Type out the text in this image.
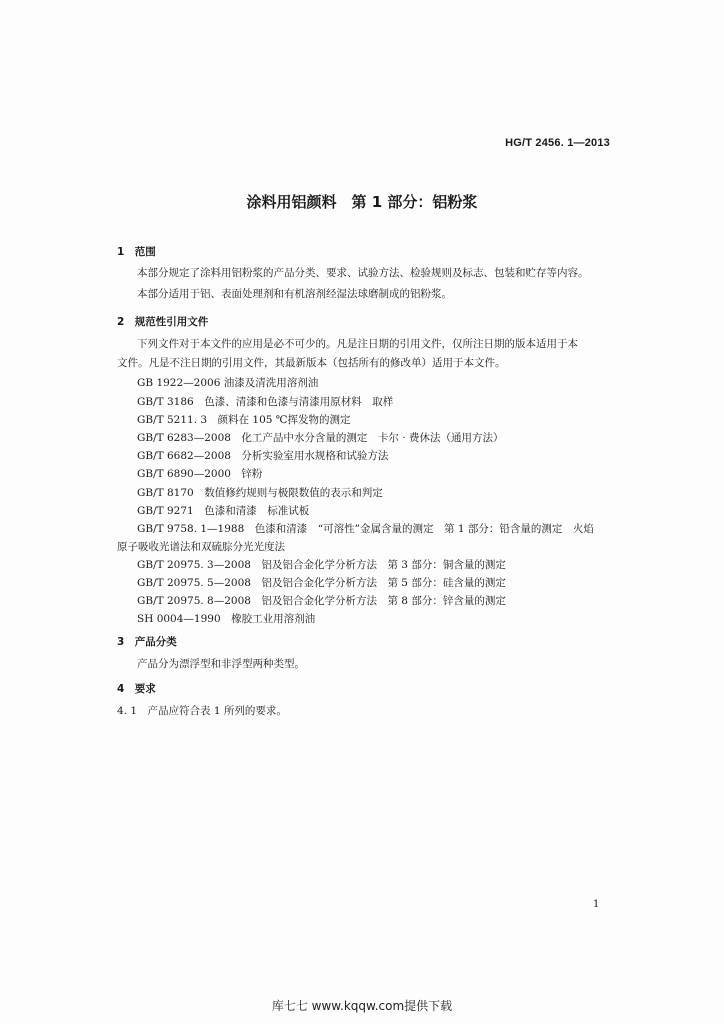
HG/T 2456. 1—2013
涂料用铝颜料　第 1 部分：铝粉浆
1　范围
本部分规定了涂料用铝粉浆的产品分类、要求、试验方法、检验规则及标志、包装和贮存等内容。
本部分适用于铝、表面处理剂和有机溶剂经湿法球磨制成的铝粉浆。
2　规范性引用文件
下列文件对于本文件的应用是必不可少的。凡是注日期的引用文件，仅所注日期的版本适用于本
文件。凡是不注日期的引用文件，其最新版本（包括所有的修改单）适用于本文件。
GB 1922—2006 油漆及清洗用溶剂油
GB/T 3186　色漆、清漆和色漆与清漆用原材料　取样
GB/T 5211. 3　颜料在 105 ℃挥发物的测定
GB/T 6283—2008　化工产品中水分含量的测定　卡尔 · 费休法（通用方法）
GB/T 6682—2008　分析实验室用水规格和试验方法
GB/T 6890—2000　锌粉
GB/T 8170　数值修约规则与极限数值的表示和判定
GB/T 9271　色漆和清漆　标准试板
GB/T 9758. 1—1988　色漆和清漆　“可溶性”金属含量的测定　第 1 部分：铅含量的测定　火焰
原子吸收光谱法和双硫腙分光光度法
GB/T 20975. 3—2008　铝及铝合金化学分析方法　第 3 部分：铜含量的测定
GB/T 20975. 5—2008　铝及铝合金化学分析方法　第 5 部分：硅含量的测定
GB/T 20975. 8—2008　铝及铝合金化学分析方法　第 8 部分：锌含量的测定
SH 0004—1990　橡胶工业用溶剂油
3　产品分类
产品分为漂浮型和非浮型两种类型。
4　要求
4. 1　产品应符合表 1 所列的要求。
1
库七七 www.kqqw.com提供下载
